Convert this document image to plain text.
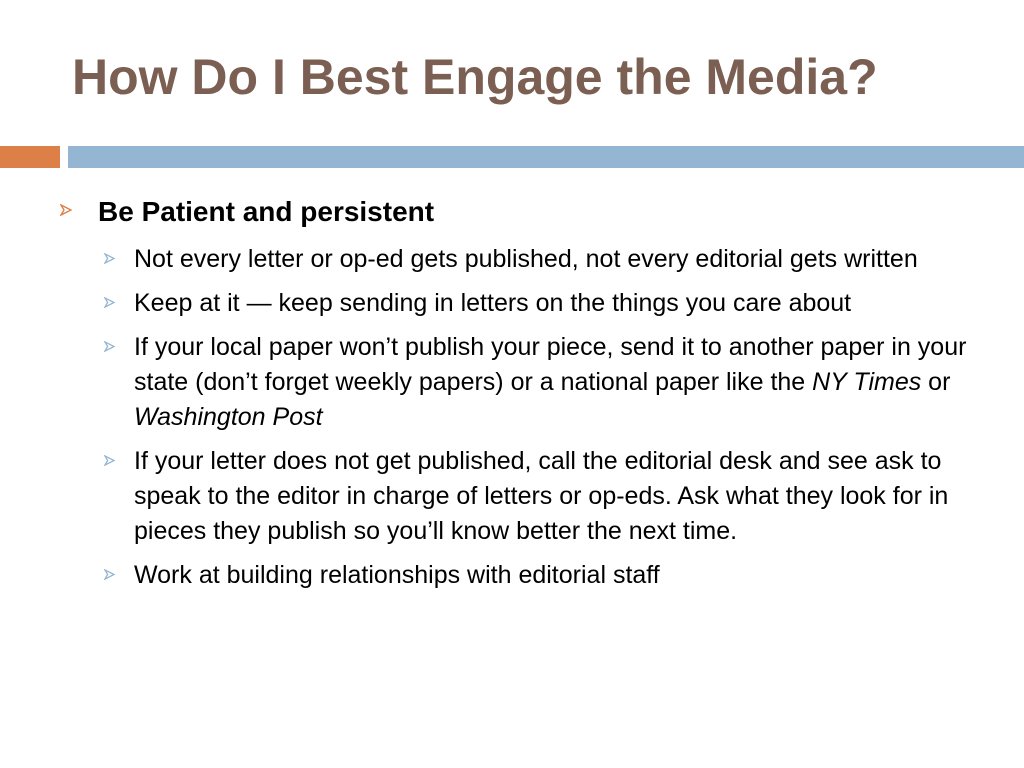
How Do I Best Engage the Media?
Be Patient and persistent
Not every letter or op-ed gets published, not every editorial gets written
Keep at it — keep sending in letters on the things you care about
If your local paper won’t publish your piece, send it to another paper in your state (don’t forget weekly papers) or a national paper like the NY Times or Washington Post
If your letter does not get published, call the editorial desk and see ask to speak to the editor in charge of letters or op-eds. Ask what they look for in pieces they publish so you’ll know better the next time.
Work at building relationships with editorial staff
